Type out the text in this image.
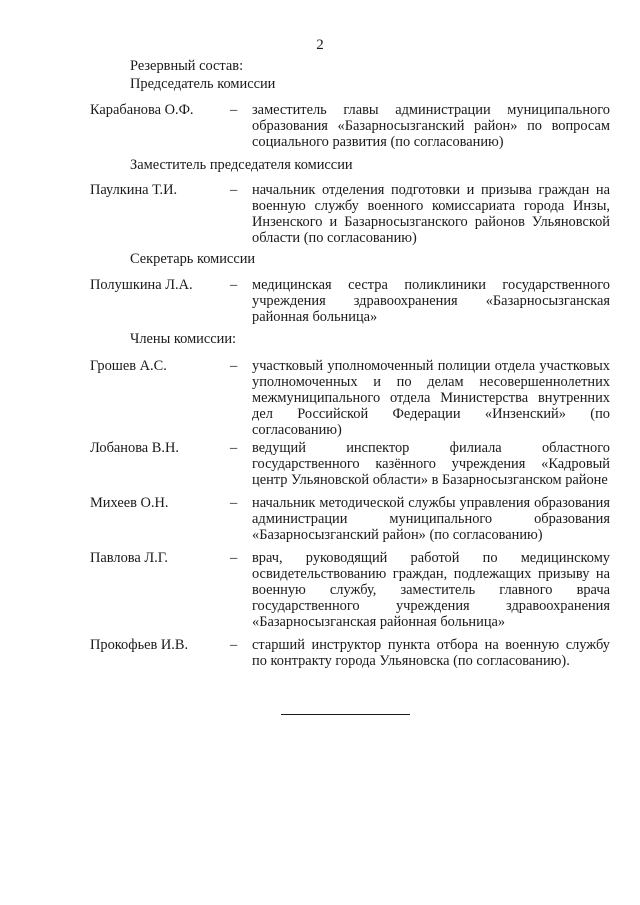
2
Резервный состав:
Председатель комиссии
Карабанова О.Ф.	– заместитель главы администрации муниципального образования «Базарносызганский район» по вопросам социального развития (по согласованию)
Заместитель председателя комиссии
Паулкина Т.И.	– начальник отделения подготовки и призыва граждан на военную службу военного комиссариата города Инзы, Инзенского и Базарносызганского районов Ульяновской области (по согласованию)
Секретарь комиссии
Полушкина Л.А.	– медицинская сестра поликлиники государственного учреждения здравоохранения «Базарносызганская районная больница»
Члены комиссии:
Грошев А.С.	– участковый уполномоченный полиции отдела участковых уполномоченных и по делам несовершеннолетних межмуниципального отдела Министерства внутренних дел Российской Федерации «Инзенский» (по согласованию)
Лобанова В.Н.	– ведущий инспектор филиала областного государственного казённого учреждения «Кадровый центр Ульяновской области» в Базарносызганском районе
Михеев О.Н.	– начальник методической службы управления образования администрации муниципального образования «Базарносызганский район» (по согласованию)
Павлова Л.Г.	– врач, руководящий работой по медицинскому освидетельствованию граждан, подлежащих призыву на военную службу, заместитель главного врача государственного учреждения здравоохранения «Базарносызганская районная больница»
Прокофьев И.В.	– старший инструктор пункта отбора на военную службу по контракту города Ульяновска (по согласованию).
